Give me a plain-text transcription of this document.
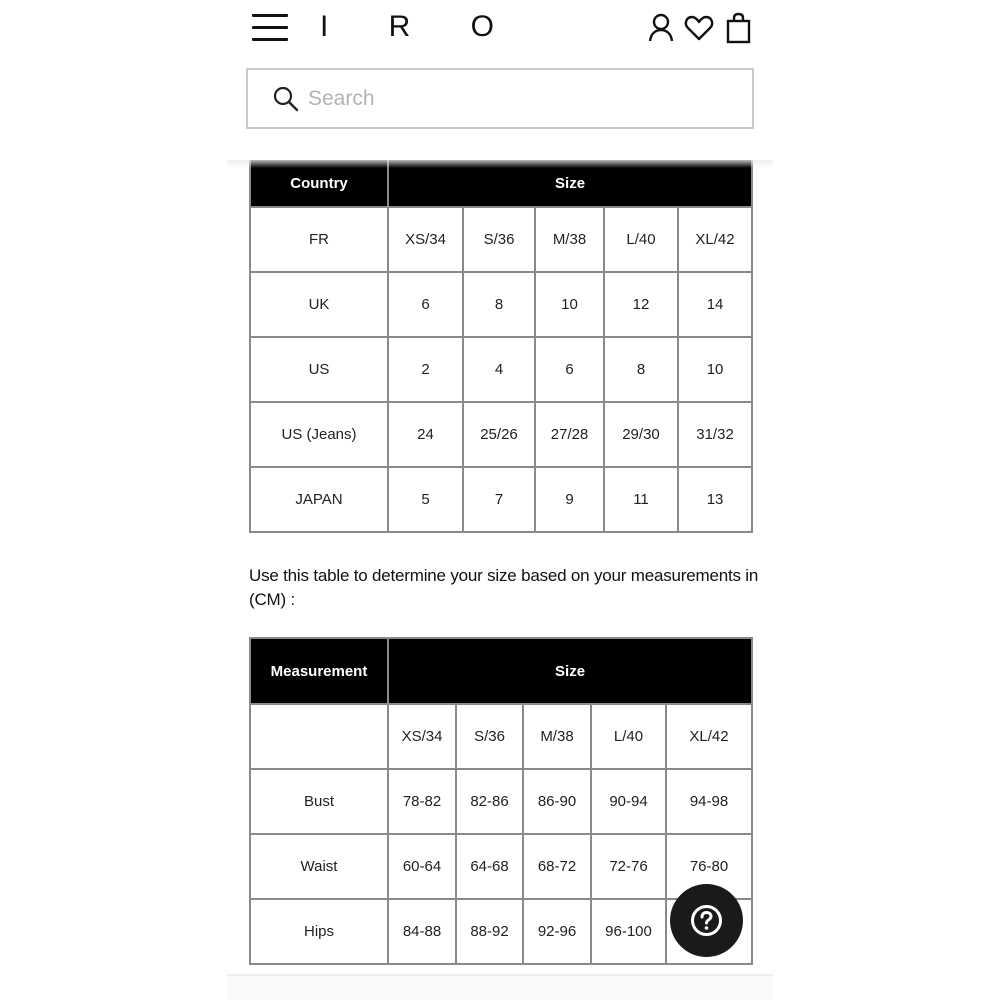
Country	Size				
FR	XS/34	S/36	M/38	L/40	XL/42
UK	6	8	10	12	14
US	2	4	6	8	10
US (Jeans)	24	25/26	27/28	29/30	31/32
JAPAN	5	7	9	11	13

Use this table to determine your size based on your measurements in (CM) :

Measurement	Size				
	XS/34	S/36	M/38	L/40	XL/42
Bust	78-82	82-86	86-90	90-94	94-98
Waist	60-64	64-68	68-72	72-76	76-80
Hips	84-88	88-92	92-96	96-100	
I R O
Search
